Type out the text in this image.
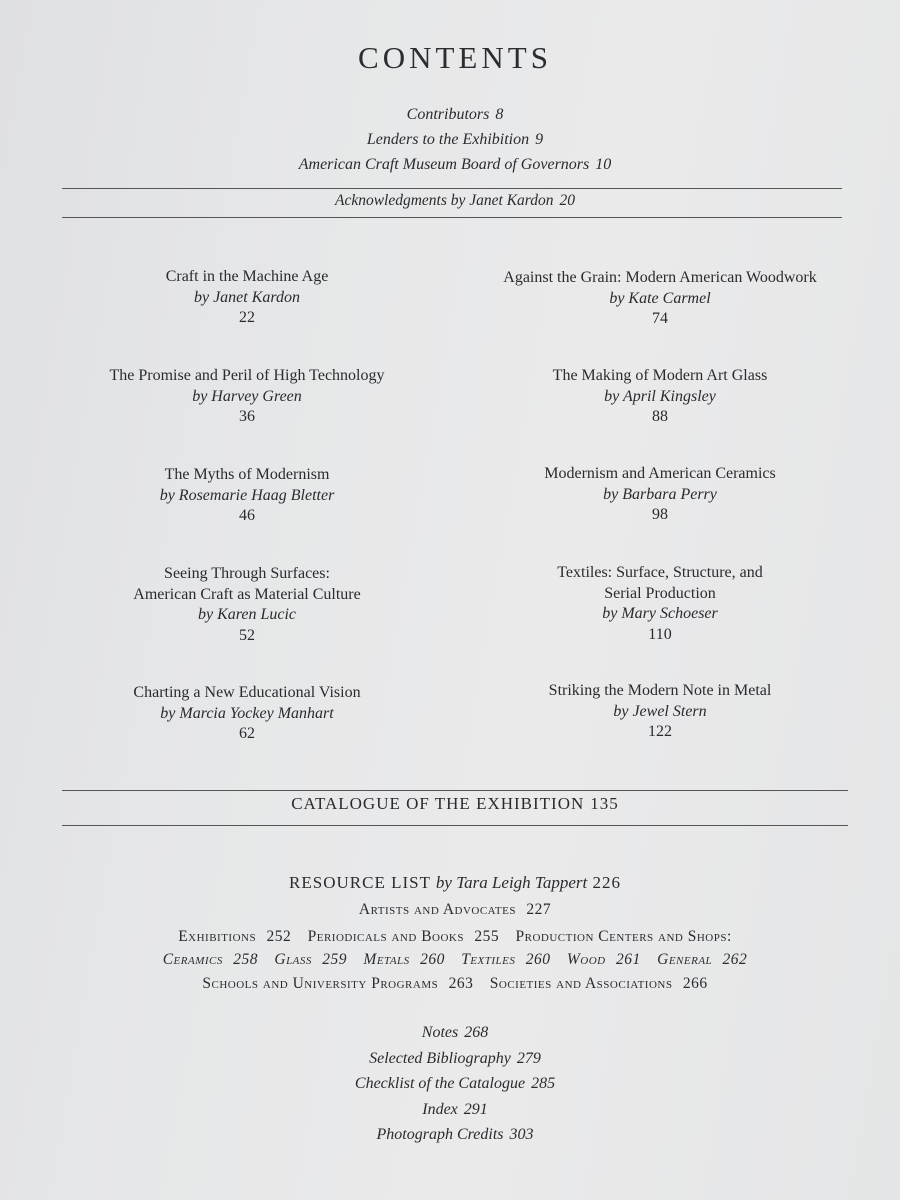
CONTENTS
Contributors 8
Lenders to the Exhibition 9
American Craft Museum Board of Governors 10
Acknowledgments by Janet Kardon 20
Craft in the Machine Age
by Janet Kardon
22
The Promise and Peril of High Technology
by Harvey Green
36
The Myths of Modernism
by Rosemarie Haag Bletter
46
Seeing Through Surfaces:
American Craft as Material Culture
by Karen Lucic
52
Charting a New Educational Vision
by Marcia Yockey Manhart
62
Against the Grain: Modern American Woodwork
by Kate Carmel
74
The Making of Modern Art Glass
by April Kingsley
88
Modernism and American Ceramics
by Barbara Perry
98
Textiles: Surface, Structure, and
Serial Production
by Mary Schoeser
110
Striking the Modern Note in Metal
by Jewel Stern
122
CATALOGUE OF THE EXHIBITION 135
RESOURCE LIST by Tara Leigh Tappert 226
Artists and Advocates 227
Exhibitions 252 Periodicals and Books 255 Production Centers and Shops:
Ceramics 258 Glass 259 Metals 260 Textiles 260 Wood 261 General 262
Schools and University Programs 263 Societies and Associations 266
Notes 268
Selected Bibliography 279
Checklist of the Catalogue 285
Index 291
Photograph Credits 303
